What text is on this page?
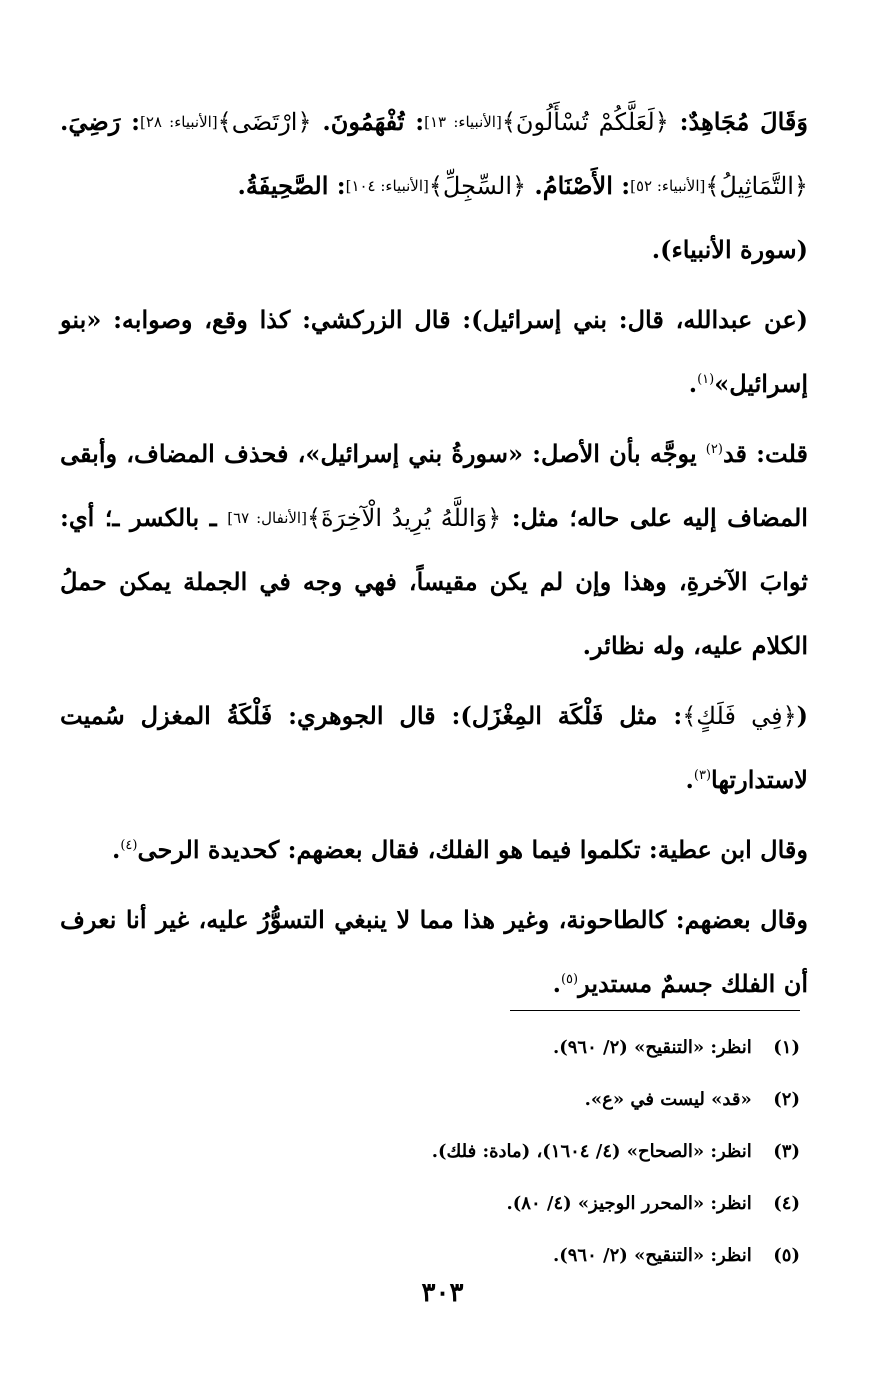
وَقَالَ مُجَاهِدٌ: ﴿لَعَلَّكُمْ تُسْأَلُونَ﴾[الأنبياء: ١٣]: تُفْهَمُونَ. ﴿ارْتَضَى﴾[الأنبياء: ٢٨]: رَضِيَ. ﴿التَّمَاثِيلُ﴾[الأنبياء: ٥٢]: الأَصْنَامُ. ﴿السِّجِلِّ﴾[الأنبياء: ١٠٤]: الصَّحِيفَةُ.

(سورة الأنبياء).

(عن عبدالله، قال: بني إسرائيل): قال الزركشي: كذا وقع، وصوابه: «بنو إسرائيل»$^{(١)}$.

قلت: قد$^{(٢)}$ يوجَّه بأن الأصل: «سورةُ بني إسرائيل»، فحذف المضاف، وأبقى المضاف إليه على حاله؛ مثل: ﴿وَاللَّهُ يُرِيدُ الْآخِرَةَ﴾[الأنفال: ٦٧] ـ بالكسر ـ؛ أي: ثوابَ الآخرةِ، وهذا وإن لم يكن مقيساً، فهي وجه في الجملة يمكن حملُ الكلام عليه، وله نظائر.

(﴿فِي فَلَكٍ﴾: مثل فَلْكَة المِغْزَل): قال الجوهري: فَلْكَةُ المغزل سُميت لاستدارتها$^{(٣)}$.

وقال ابن عطية: تكلموا فيما هو الفلك، فقال بعضهم: كحديدة الرحى$^{(٤)}$.

وقال بعضهم: كالطاحونة، وغير هذا مما لا ينبغي التسوُّرُ عليه، غير أنا نعرف أن الفلك جسمٌ مستدير$^{(٥)}$.

(١) انظر: «التنقيح» (٢/ ٩٦٠).

(٢) «قد» ليست في «ع».

(٣) انظر: «الصحاح» (٤/ ١٦٠٤)، (مادة: فلك).

(٤) انظر: «المحرر الوجيز» (٤/ ٨٠).

(٥) انظر: «التنقيح» (٢/ ٩٦٠).

٣٠٣
